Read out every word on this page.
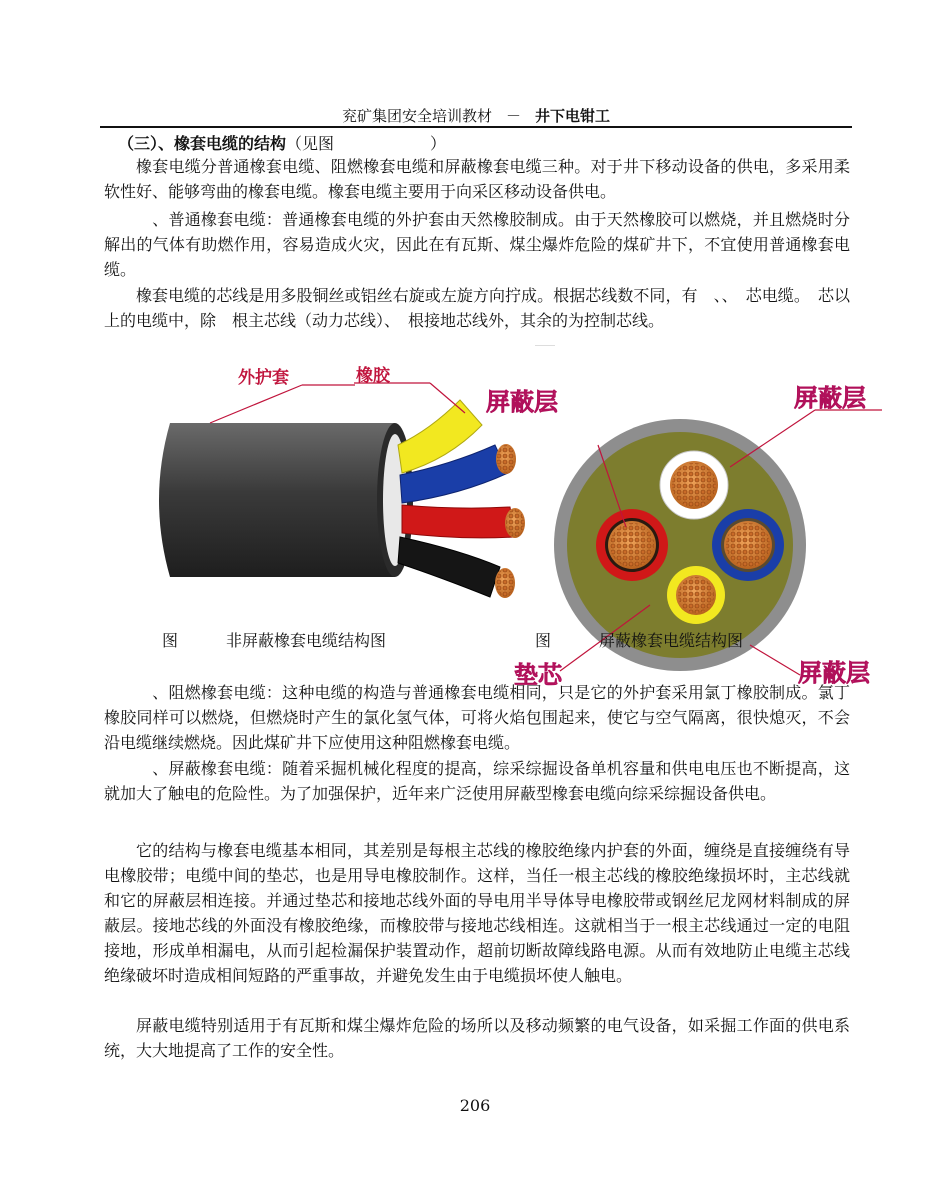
兖矿集团安全培训教材 － 井下电钳工

（三）、橡套电缆的结构（见图　　　　　　）

橡套电缆分普通橡套电缆、阻燃橡套电缆和屏蔽橡套电缆三种。对于井下移动设备的供电，多采用柔软性好、能够弯曲的橡套电缆。橡套电缆主要用于向采区移动设备供电。

　、普通橡套电缆：普通橡套电缆的外护套由天然橡胶制成。由于天然橡胶可以燃烧，并且燃烧时分解出的气体有助燃作用，容易造成火灾，因此在有瓦斯、煤尘爆炸危险的煤矿井下，不宜使用普通橡套电缆。

橡套电缆的芯线是用多股铜丝或铝丝右旋或左旋方向拧成。根据芯线数不同，有　、、　芯电缆。　芯以上的电缆中，除　根主芯线（动力芯线）、　根接地芯线外，其余的为控制芯线。

外护套	橡胶
屏蔽层	屏蔽层
图　　　非屏蔽橡套电缆结构图	图　　　屏蔽橡套电缆结构图
垫芯	屏蔽层

　、阻燃橡套电缆：这种电缆的构造与普通橡套电缆相同，只是它的外护套采用氯丁橡胶制成。氯丁橡胶同样可以燃烧，但燃烧时产生的氯化氢气体，可将火焰包围起来，使它与空气隔离，很快熄灭，不会沿电缆继续燃烧。因此煤矿井下应使用这种阻燃橡套电缆。

　、屏蔽橡套电缆：随着采掘机械化程度的提高，综采综掘设备单机容量和供电电压也不断提高，这就加大了触电的危险性。为了加强保护，近年来广泛使用屏蔽型橡套电缆向综采综掘设备供电。

它的结构与橡套电缆基本相同，其差别是每根主芯线的橡胶绝缘内护套的外面，缠绕是直接缠绕有导电橡胶带；电缆中间的垫芯，也是用导电橡胶制作。这样，当任一根主芯线的橡胶绝缘损坏时，主芯线就和它的屏蔽层相连接。并通过垫芯和接地芯线外面的导电用半导体导电橡胶带或钢丝尼龙网材料制成的屏蔽层。接地芯线的外面没有橡胶绝缘，而橡胶带与接地芯线相连。这就相当于一根主芯线通过一定的电阻接地，形成单相漏电，从而引起检漏保护装置动作，超前切断故障线路电源。从而有效地防止电缆主芯线绝缘破坏时造成相间短路的严重事故，并避免发生由于电缆损坏使人触电。

屏蔽电缆特别适用于有瓦斯和煤尘爆炸危险的场所以及移动频繁的电气设备，如采掘工作面的供电系统，大大地提高了工作的安全性。

206
